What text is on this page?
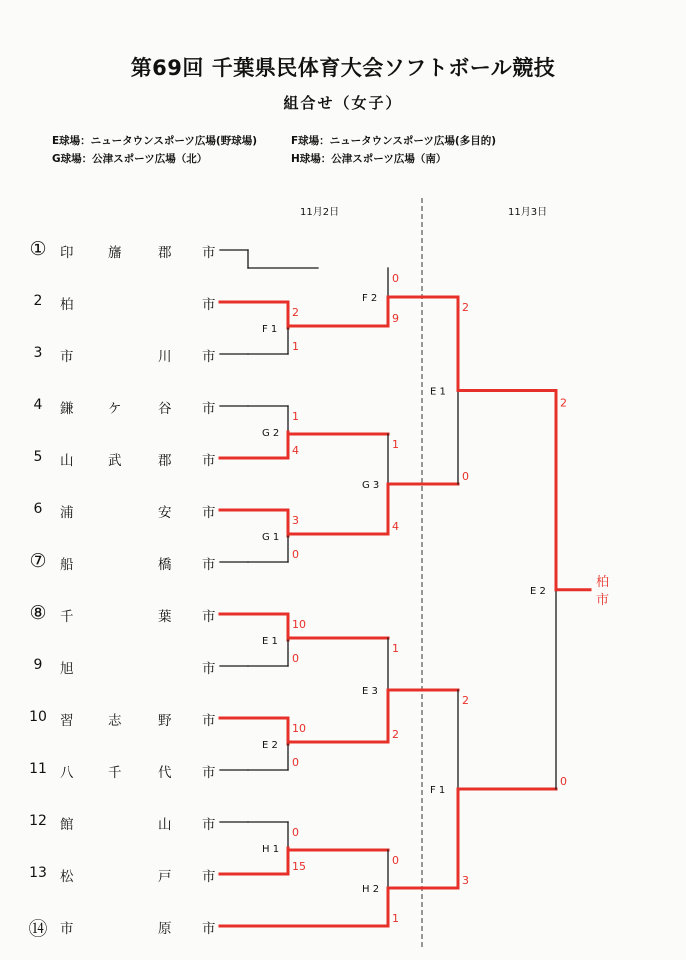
第69回 千葉県民体育大会ソフトボール競技
組合せ（女子）
E球場：ニュータウンスポーツ広場(野球場)	F球場：ニュータウンスポーツ広場(多目的)
G球場：公津スポーツ広場（北）	H球場：公津スポーツ広場（南）
11月2日	11月3日
① 印	旛	郡 市
2	柏	市
3	市	川 市
4	鎌	ケ	谷 市
5	山	武	郡 市
6	浦	安 市
⑦ 船	橋 市
⑧ 千	葉 市
9	旭	市
10 習	志	野 市
11 八	千	代 市
12 館	山 市
13 松	戸 市
⑭ 市	原 市
2
1
F 1
1
4
G 2
3
0
G 1
10
0
E 1
10
0
E 2
0
15
H 1
0
9
F 2
1
4
G 3
1
2
E 3
0
1
H 2
2
0
E 1
2
3
F 1
2
0
E 2
柏
市
